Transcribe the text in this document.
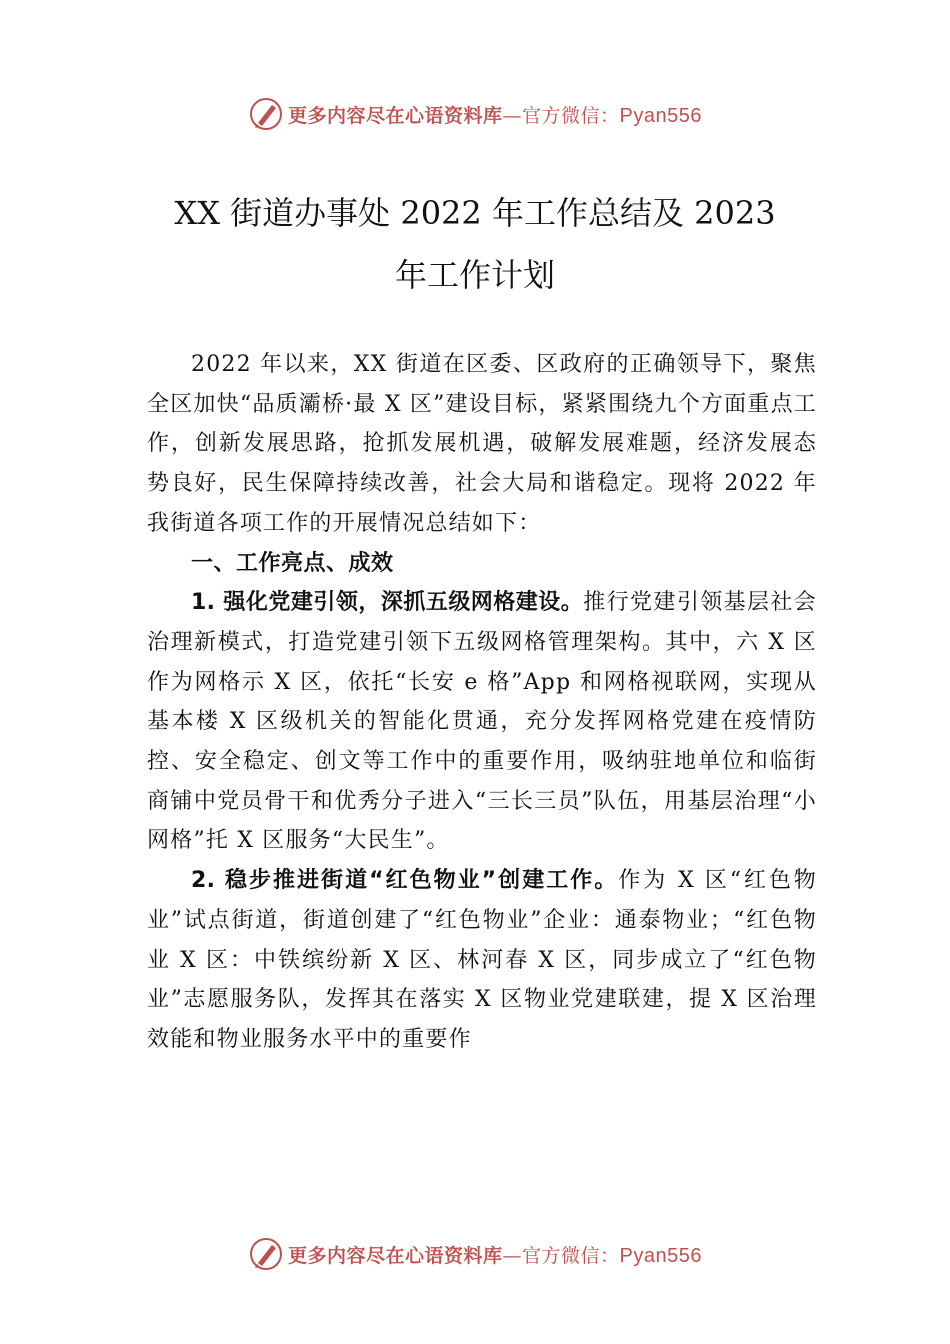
更多内容尽在心语资料库—官方微信：Pyan556
XX 街道办事处 2022 年工作总结及 2023
年工作计划

2022 年以来，XX 街道在区委、区政府的正确领导下，聚焦全区加快“品质灞桥·最 X 区”建设目标，紧紧围绕九个方面重点工作，创新发展思路，抢抓发展机遇，破解发展难题，经济发展态势良好，民生保障持续改善，社会大局和谐稳定。现将 2022 年我街道各项工作的开展情况总结如下：

一、工作亮点、成效

1. 强化党建引领，深抓五级网格建设。推行党建引领基层社会治理新模式，打造党建引领下五级网格管理架构。其中，六 X 区作为网格示 X 区，依托“长安 e 格”App 和网格视联网，实现从基本楼 X 区级机关的智能化贯通，充分发挥网格党建在疫情防控、安全稳定、创文等工作中的重要作用，吸纳驻地单位和临街商铺中党员骨干和优秀分子进入“三长三员”队伍，用基层治理“小网格”托 X 区服务“大民生”。

2. 稳步推进街道“红色物业”创建工作。作为 X 区“红色物业”试点街道，街道创建了“红色物业”企业：通泰物业；“红色物业 X 区：中铁缤纷新 X 区、林河春 X 区，同步成立了“红色物业”志愿服务队，发挥其在落实 X 区物业党建联建，提 X 区治理效能和物业服务水平中的重要作

更多内容尽在心语资料库—官方微信：Pyan556
